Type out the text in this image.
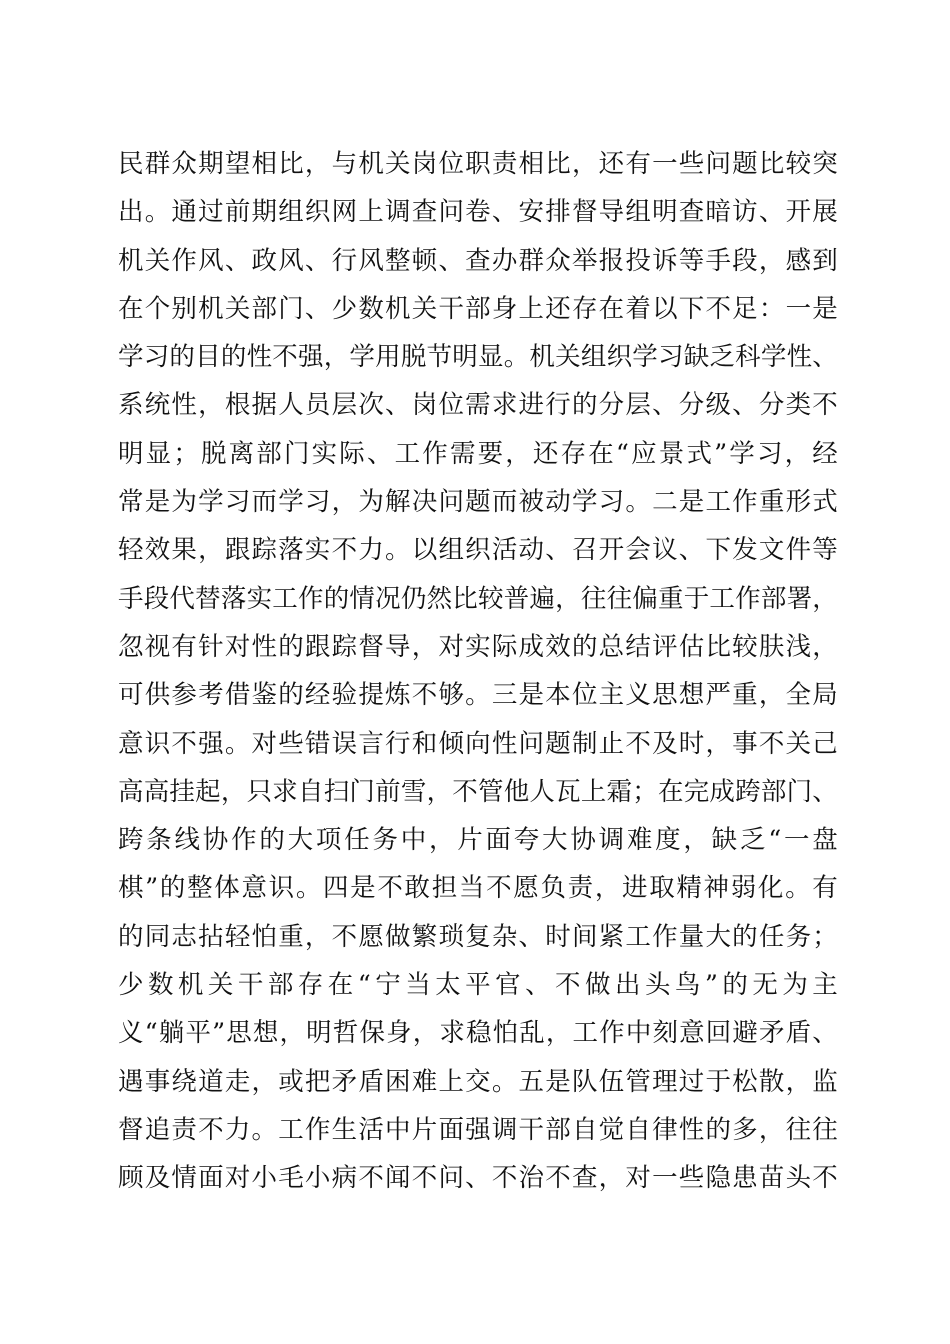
民群众期望相比，与机关岗位职责相比，还有一些问题比较突
出。通过前期组织网上调查问卷、安排督导组明查暗访、开展
机关作风、政风、行风整顿、查办群众举报投诉等手段，感到
在个别机关部门、少数机关干部身上还存在着以下不足：一是
学习的目的性不强，学用脱节明显。机关组织学习缺乏科学性、
系统性，根据人员层次、岗位需求进行的分层、分级、分类不
明显；脱离部门实际、工作需要，还存在“应景式”学习，经
常是为学习而学习，为解决问题而被动学习。二是工作重形式
轻效果，跟踪落实不力。以组织活动、召开会议、下发文件等
手段代替落实工作的情况仍然比较普遍，往往偏重于工作部署，
忽视有针对性的跟踪督导，对实际成效的总结评估比较肤浅，
可供参考借鉴的经验提炼不够。三是本位主义思想严重，全局
意识不强。对些错误言行和倾向性问题制止不及时，事不关己
高高挂起，只求自扫门前雪，不管他人瓦上霜；在完成跨部门、
跨条线协作的大项任务中，片面夸大协调难度，缺乏“一盘
棋”的整体意识。四是不敢担当不愿负责，进取精神弱化。有
的同志拈轻怕重，不愿做繁琐复杂、时间紧工作量大的任务；
少数机关干部存在“宁当太平官、不做出头鸟”的无为主
义“躺平”思想，明哲保身，求稳怕乱，工作中刻意回避矛盾、
遇事绕道走，或把矛盾困难上交。五是队伍管理过于松散，监
督追责不力。工作生活中片面强调干部自觉自律性的多，往往
顾及情面对小毛小病不闻不问、不治不查，对一些隐患苗头不
